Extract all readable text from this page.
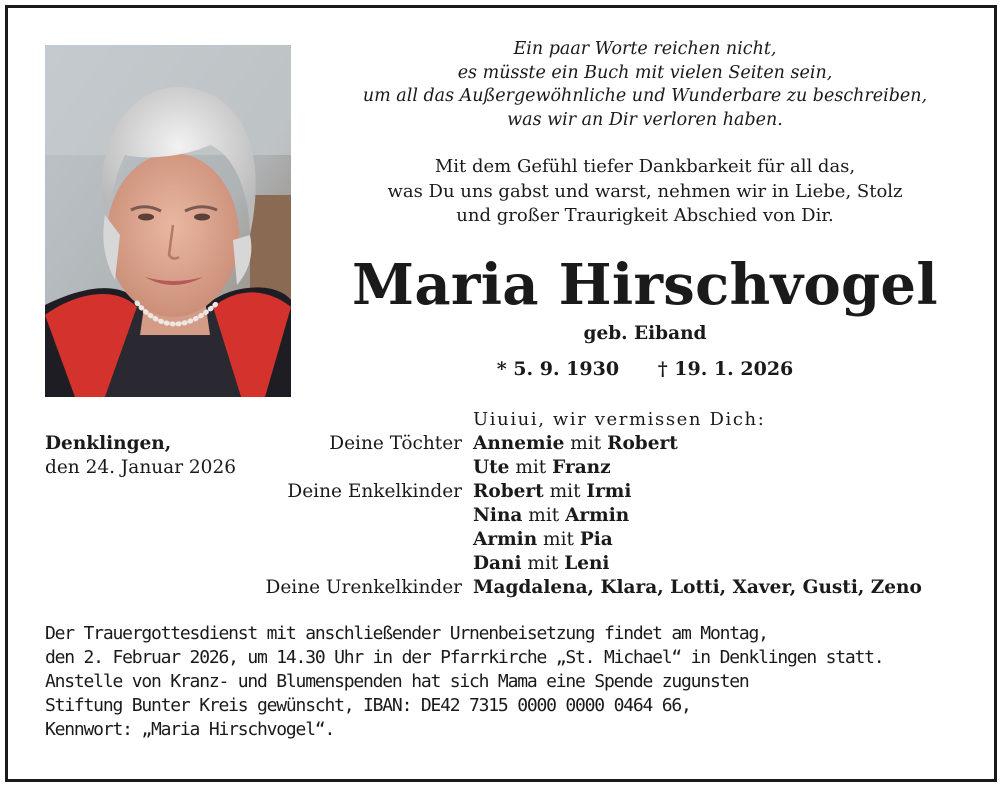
Ein paar Worte reichen nicht,
es müsste ein Buch mit vielen Seiten sein,
um all das Außergewöhnliche und Wunderbare zu beschreiben,
was wir an Dir verloren haben.

Mit dem Gefühl tiefer Dankbarkeit für all das,
was Du uns gabst und warst, nehmen wir in Liebe, Stolz
und großer Traurigkeit Abschied von Dir.

Maria Hirschvogel
geb. Eiband
* 5. 9. 1930 † 19. 1. 2026
Uiuiui, wir vermissen Dich:
Denklingen,
den 24. Januar 2026
Deine Töchter Annemie mit Robert
Ute mit Franz
Deine Enkelkinder Robert mit Irmi
Nina mit Armin
Armin mit Pia
Dani mit Leni
Deine Urenkelkinder Magdalena, Klara, Lotti, Xaver, Gusti, Zeno
Der Trauergottesdienst mit anschließender Urnenbeisetzung findet am Montag,
den 2. Februar 2026, um 14.30 Uhr in der Pfarrkirche „St. Michael“ in Denklingen statt.
Anstelle von Kranz- und Blumenspenden hat sich Mama eine Spende zugunsten
Stiftung Bunter Kreis gewünscht, IBAN: DE42 7315 0000 0000 0464 66,
Kennwort: „Maria Hirschvogel“.
